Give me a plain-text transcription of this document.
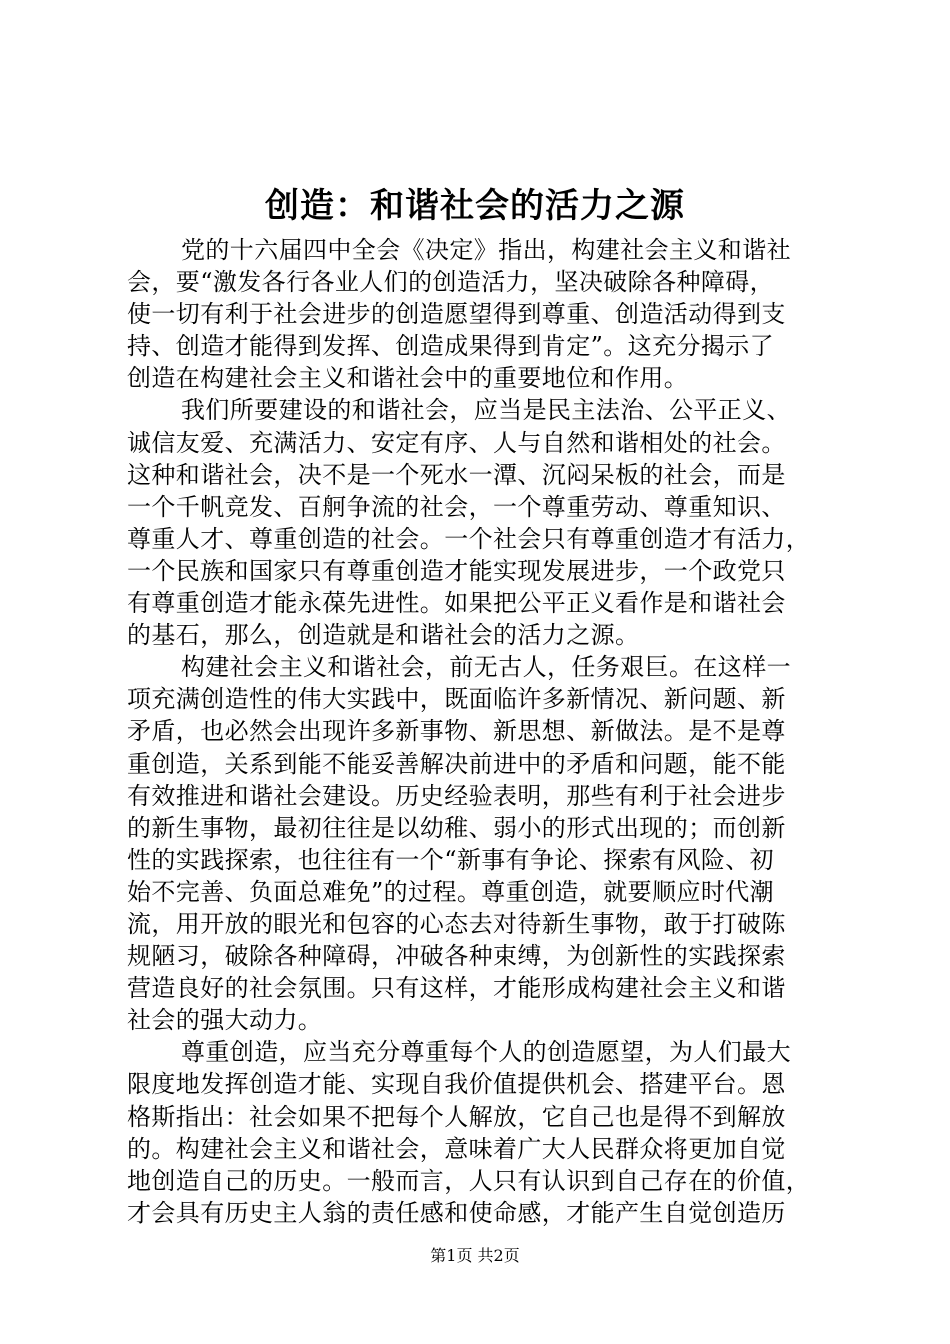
创造：和谐社会的活力之源
党的十六届四中全会《决定》指出，构建社会主义和谐社
会，要“激发各行各业人们的创造活力，坚决破除各种障碍，
使一切有利于社会进步的创造愿望得到尊重、创造活动得到支
持、创造才能得到发挥、创造成果得到肯定”。这充分揭示了
创造在构建社会主义和谐社会中的重要地位和作用。
我们所要建设的和谐社会，应当是民主法治、公平正义、
诚信友爱、充满活力、安定有序、人与自然和谐相处的社会。
这种和谐社会，决不是一个死水一潭、沉闷呆板的社会，而是
一个千帆竞发、百舸争流的社会，一个尊重劳动、尊重知识、
尊重人才、尊重创造的社会。一个社会只有尊重创造才有活力，
一个民族和国家只有尊重创造才能实现发展进步，一个政党只
有尊重创造才能永葆先进性。如果把公平正义看作是和谐社会
的基石，那么，创造就是和谐社会的活力之源。
构建社会主义和谐社会，前无古人，任务艰巨。在这样一
项充满创造性的伟大实践中，既面临许多新情况、新问题、新
矛盾，也必然会出现许多新事物、新思想、新做法。是不是尊
重创造，关系到能不能妥善解决前进中的矛盾和问题，能不能
有效推进和谐社会建设。历史经验表明，那些有利于社会进步
的新生事物，最初往往是以幼稚、弱小的形式出现的；而创新
性的实践探索，也往往有一个“新事有争论、探索有风险、初
始不完善、负面总难免”的过程。尊重创造，就要顺应时代潮
流，用开放的眼光和包容的心态去对待新生事物，敢于打破陈
规陋习，破除各种障碍，冲破各种束缚，为创新性的实践探索
营造良好的社会氛围。只有这样，才能形成构建社会主义和谐
社会的强大动力。
尊重创造，应当充分尊重每个人的创造愿望，为人们最大
限度地发挥创造才能、实现自我价值提供机会、搭建平台。恩
格斯指出：社会如果不把每个人解放，它自己也是得不到解放
的。构建社会主义和谐社会，意味着广大人民群众将更加自觉
地创造自己的历史。一般而言，人只有认识到自己存在的价值，
才会具有历史主人翁的责任感和使命感，才能产生自觉创造历
第1页 共2页
